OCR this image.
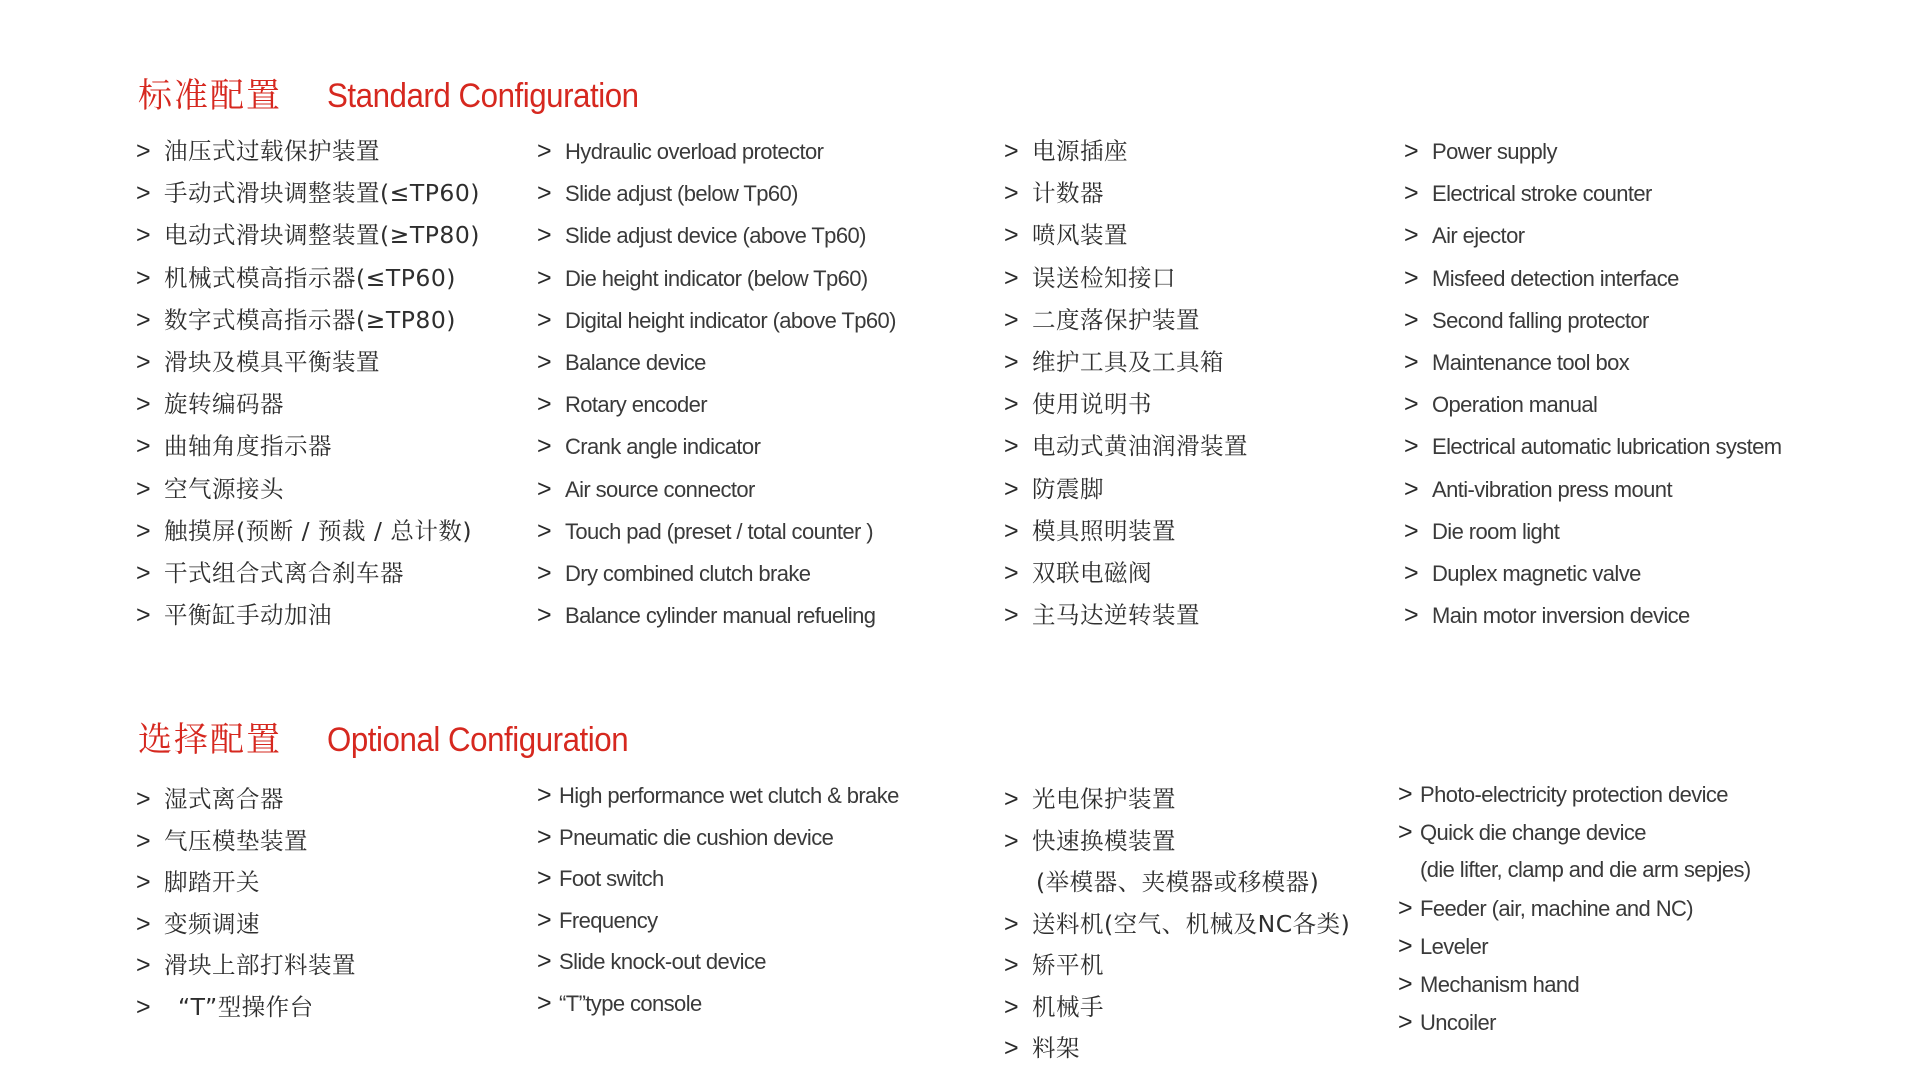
标准配置 Standard Configuration
> 油压式过载保护装置
> 手动式滑块调整装置(≤TP60)
> 电动式滑块调整装置(≥TP80)
> 机械式模高指示器(≤TP60)
> 数字式模高指示器(≥TP80)
> 滑块及模具平衡装置
> 旋转编码器
> 曲轴角度指示器
> 空气源接头
> 触摸屏(预断 / 预裁 / 总计数)
> 干式组合式离合刹车器
> 平衡缸手动加油
> Hydraulic overload protector
> Slide adjust (below Tp60)
> Slide adjust device (above Tp60)
> Die height indicator (below Tp60)
> Digital height indicator (above Tp60)
> Balance device
> Rotary encoder
> Crank angle indicator
> Air source connector
> Touch pad (preset / total counter )
> Dry combined clutch brake
> Balance cylinder manual refueling
> 电源插座
> 计数器
> 喷风装置
> 误送检知接口
> 二度落保护装置
> 维护工具及工具箱
> 使用说明书
> 电动式黄油润滑装置
> 防震脚
> 模具照明装置
> 双联电磁阀
> 主马达逆转装置
> Power supply
> Electrical stroke counter
> Air ejector
> Misfeed detection interface
> Second falling protector
> Maintenance tool box
> Operation manual
> Electrical automatic lubrication system
> Anti-vibration press mount
> Die room light
> Duplex magnetic valve
> Main motor inversion device
选择配置 Optional Configuration
> 湿式离合器
> 气压模垫装置
> 脚踏开关
> 变频调速
> 滑块上部打料装置
> “T”型操作台
> High performance wet clutch & brake
> Pneumatic die cushion device
> Foot switch
> Frequency
> Slide knock-out device
> “T”type console
> 光电保护装置
> 快速换模装置
(举模器、夹模器或移模器)
> 送料机(空气、机械及NC各类)
> 矫平机
> 机械手
> 料架
> Photo-electricity protection device
> Quick die change device
(die lifter, clamp and die arm sepjes)
> Feeder (air, machine and NC)
> Leveler
> Mechanism hand
> Uncoiler
